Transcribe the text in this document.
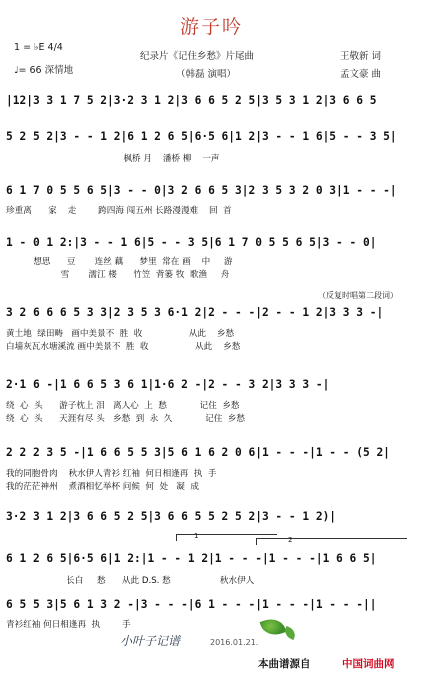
游子吟
1 = ♭E 4/4
♩= 66 深情地
纪录片《记住乡愁》片尾曲
（韩磊 演唱）
王敬新 词
孟文豪 曲
|12|3 3 1 7 5 2|3·2 3 1 2|3 6 6 5 2 5|3 5 3 1 2|3 6 6 5
5 2 5 2|3 - - 1 2|6 1 2 6 5|6·5 6|1 2|3 - - 1 6|5 - - 3 5|
枫桥 月    潘桥 柳    一声
6 1 7 0 5 5 6 5|3 - - 0|3 2 6 6 5 3|2 3 5 3 2 0 3|1 - - -|
珍重离      家    走        跨四海 闯五州 长路漫漫难    回  首
1 - 0 1 2:|3 - - 1 6|5 - - 3 5|6 1 7 0 5 5 6 5|3 - - 0|
想思      豆       连丝 藕      梦里  常在 画    中     游
雪       濡江 楼      竹笠  背篓 牧  歌渔     舟
（反复时唱第二段词）
3 2 6 6 6 5 3 3|2 3 5 3 6·1 2|2 - - -|2 - - 1 2|3 3 3 -|
黄土地  绿田畴   画中美景不  胜  收                 从此    乡愁
白墙灰瓦水塘溪流 画中美景不  胜  收                 从此    乡愁
2·1 6 -|1 6 6 5 3 6 1|1·6 2 -|2 - - 3 2|3 3 3 -|
绕  心  头      游子枕上 泪   离人心  上  愁            记住  乡愁
绕  心  头      天涯有尽 头   乡愁  到  永  久            记住  乡愁
2 2 2 3 5 -|1 6 6 5 5 3|5 6 1 6 2 0 6|1 - - -|1 - - (5 2|
我的同胞骨肉    秋水伊人青衫 红袖  何日相逢再  执  手
我的茫茫神州    煮酒相忆举杯 问候  何  处   凝  成
3·2 3 1 2|3 6 6 5 2 5|3 6 6 5 5 2 5 2|3 - - 1 2)|
1	2
6 1 2 6 5|6·5 6|1 2:|1 - - 1 2|1 - - -|1 - - -|1 6 6 5|
长白     愁      从此 D.S. 愁                  秋水伊人
6 5 5 3|5 6 1 3 2 -|3 - - -|6 1 - - -|1 - - -|1 - - -||
青衫红袖 何日相逢再  执        手
小叶子记谱	2016.01.21.
本曲谱源自	中国词曲网
